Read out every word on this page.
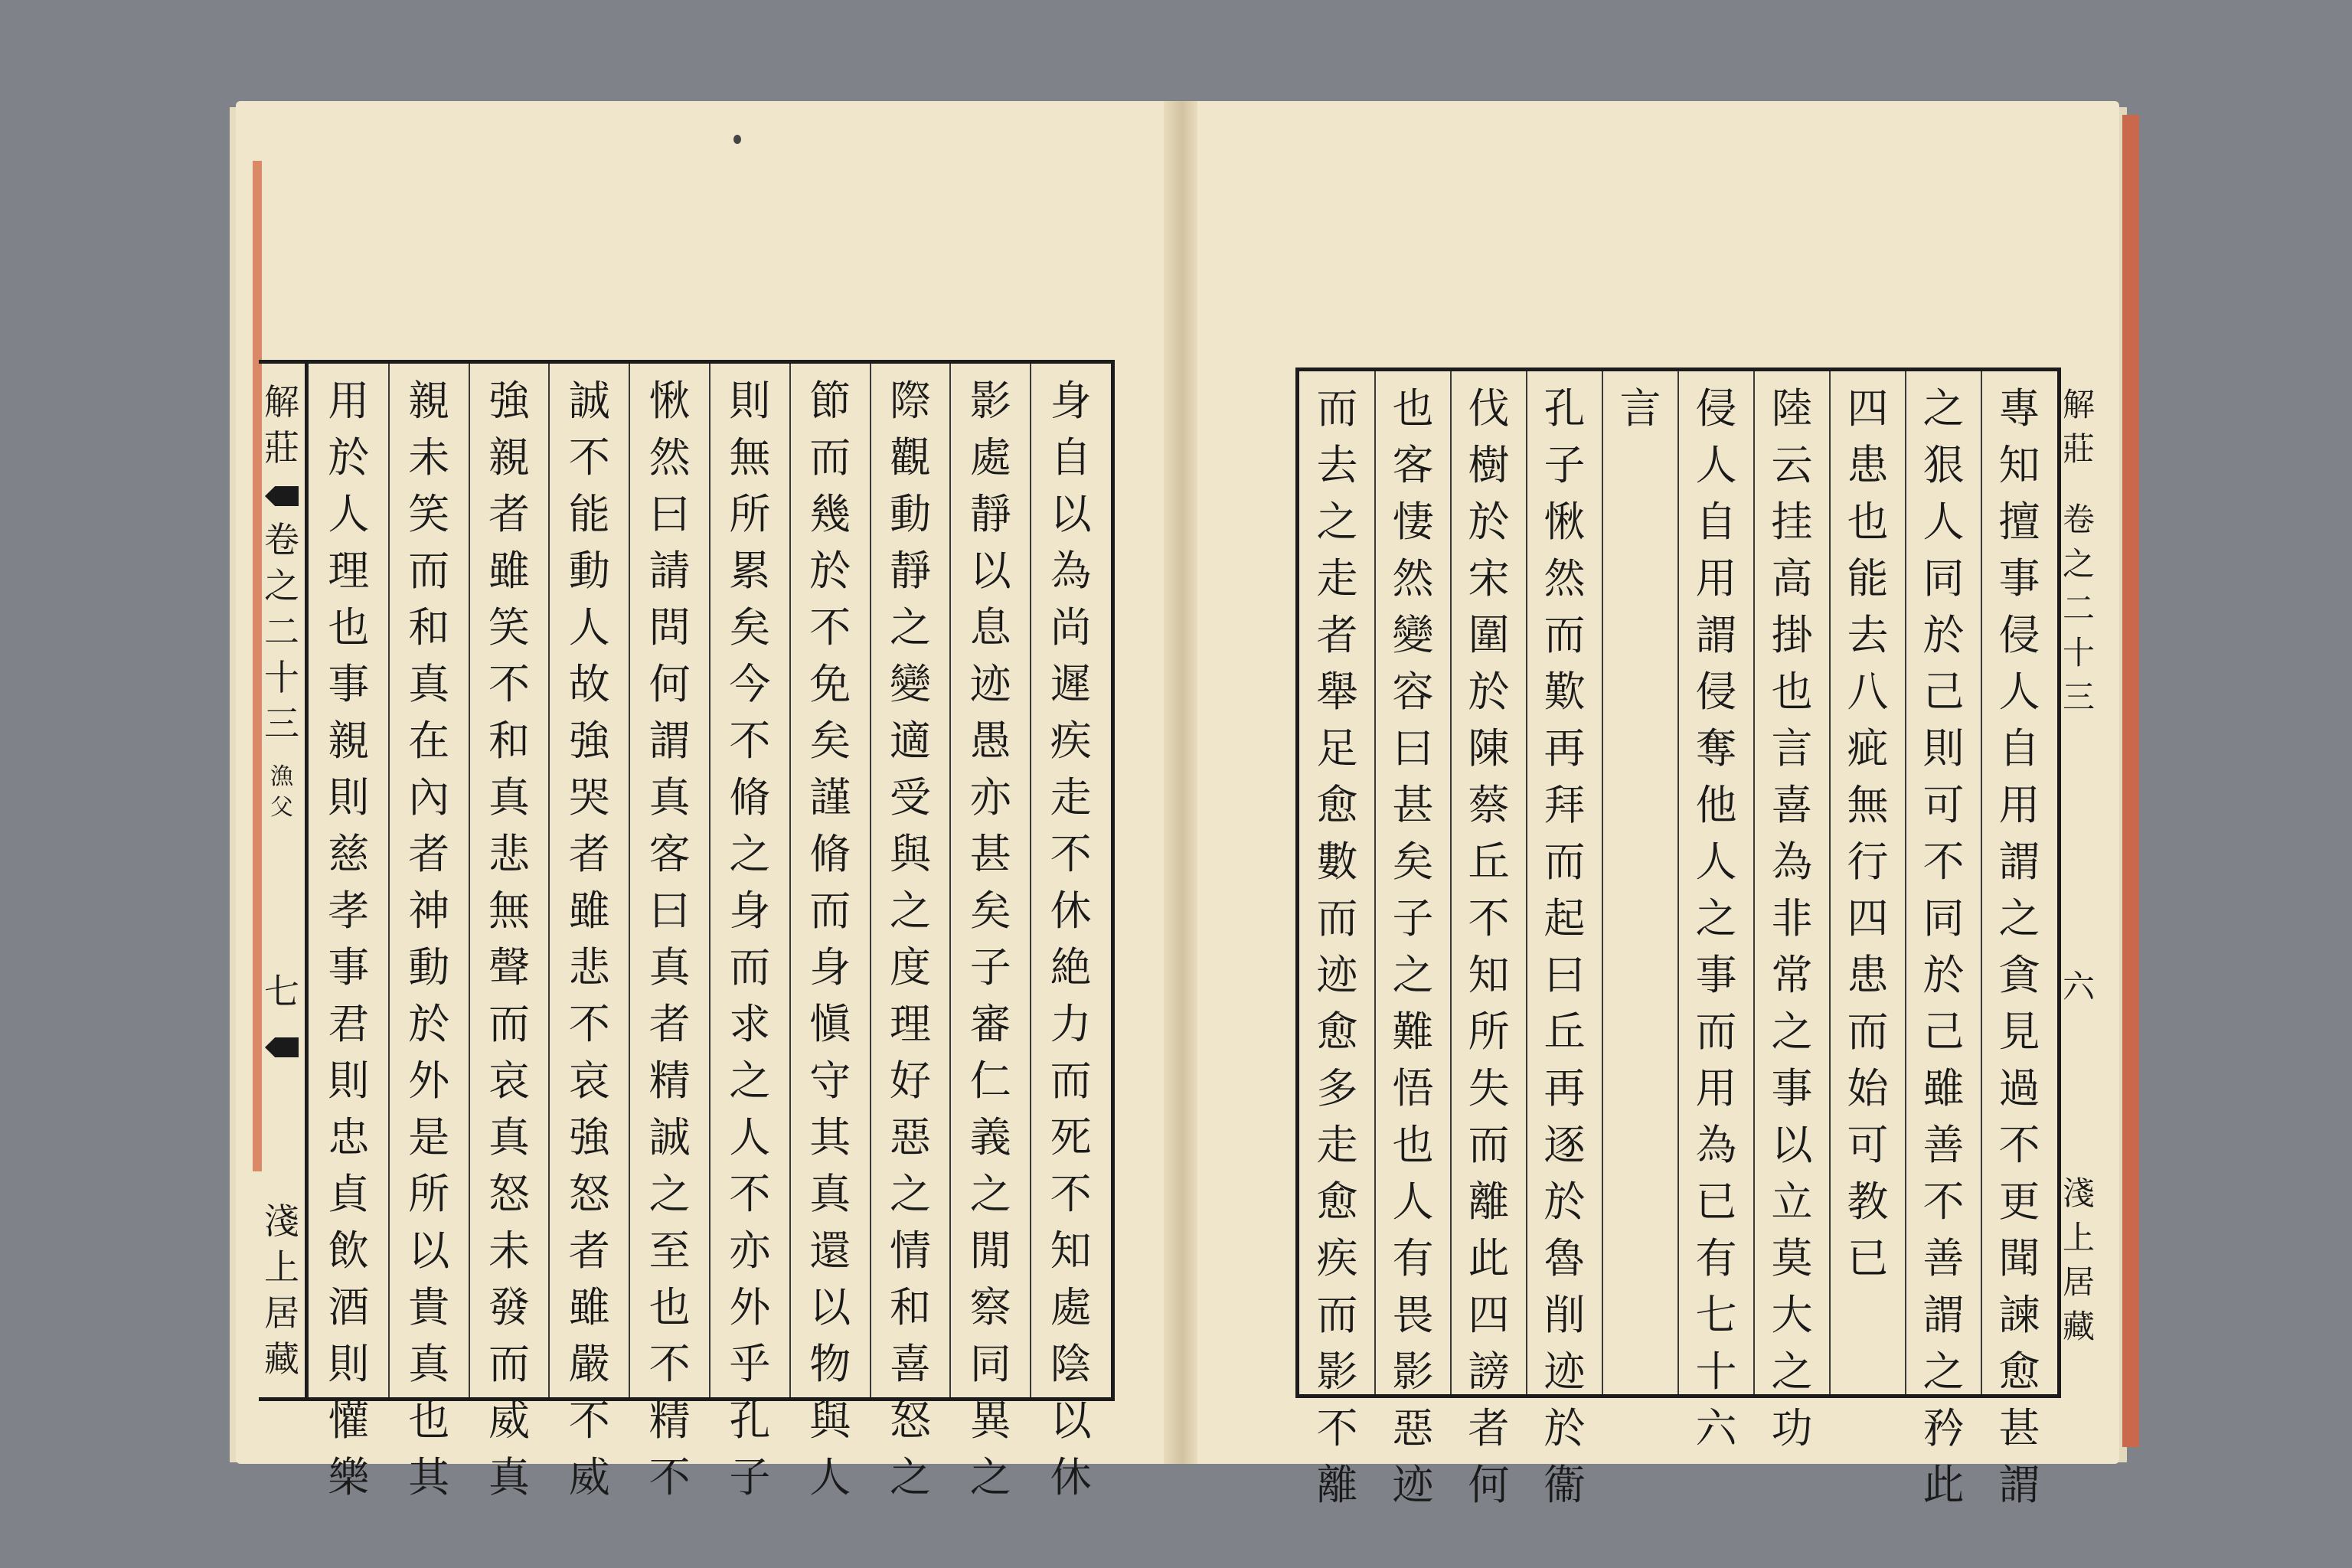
解
莊
卷
之
二
十
三
漁
父
七
淺
上
居
藏
身
自
以
為
尚
遲
疾
走
不
休
絶
力
而
死
不
知
處
陰
以
休
影
處
靜
以
息
迹
愚
亦
甚
矣
子
審
仁
義
之
閒
察
同
異
之
際
觀
動
靜
之
變
適
受
與
之
度
理
好
惡
之
情
和
喜
怒
之
節
而
幾
於
不
免
矣
謹
脩
而
身
愼
守
其
真
還
以
物
與
人
則
無
所
累
矣
今
不
脩
之
身
而
求
之
人
不
亦
外
乎
孔
子
愀
然
曰
請
問
何
謂
真
客
曰
真
者
精
誠
之
至
也
不
精
不
誠
不
能
動
人
故
強
哭
者
雖
悲
不
哀
強
怒
者
雖
嚴
不
威
強
親
者
雖
笑
不
和
真
悲
無
聲
而
哀
真
怒
未
發
而
威
真
親
未
笑
而
和
真
在
內
者
神
動
於
外
是
所
以
貴
真
也
其
用
於
人
理
也
事
親
則
慈
孝
事
君
則
忠
貞
飲
酒
則
懽
樂
解
莊
卷
之
二
十
三
六
淺
上
居
藏
專
知
擅
事
侵
人
自
用
謂
之
貪
見
過
不
更
聞
諫
愈
甚
謂
之
狠
人
同
於
己
則
可
不
同
於
己
雖
善
不
善
謂
之
矜
此
四
患
也
能
去
八
疵
無
行
四
患
而
始
可
教
已
陸
云
挂
高
掛
也
言
喜
為
非
常
之
事
以
立
莫
大
之
功
侵
人
自
用
謂
侵
奪
他
人
之
事
而
用
為
已
有
七
十
六
言
孔
子
愀
然
而
歎
再
拜
而
起
曰
丘
再
逐
於
魯
削
迹
於
衞
伐
樹
於
宋
圍
於
陳
蔡
丘
不
知
所
失
而
離
此
四
謗
者
何
也
客
悽
然
變
容
曰
甚
矣
子
之
難
悟
也
人
有
畏
影
惡
迹
而
去
之
走
者
舉
足
愈
數
而
迹
愈
多
走
愈
疾
而
影
不
離
